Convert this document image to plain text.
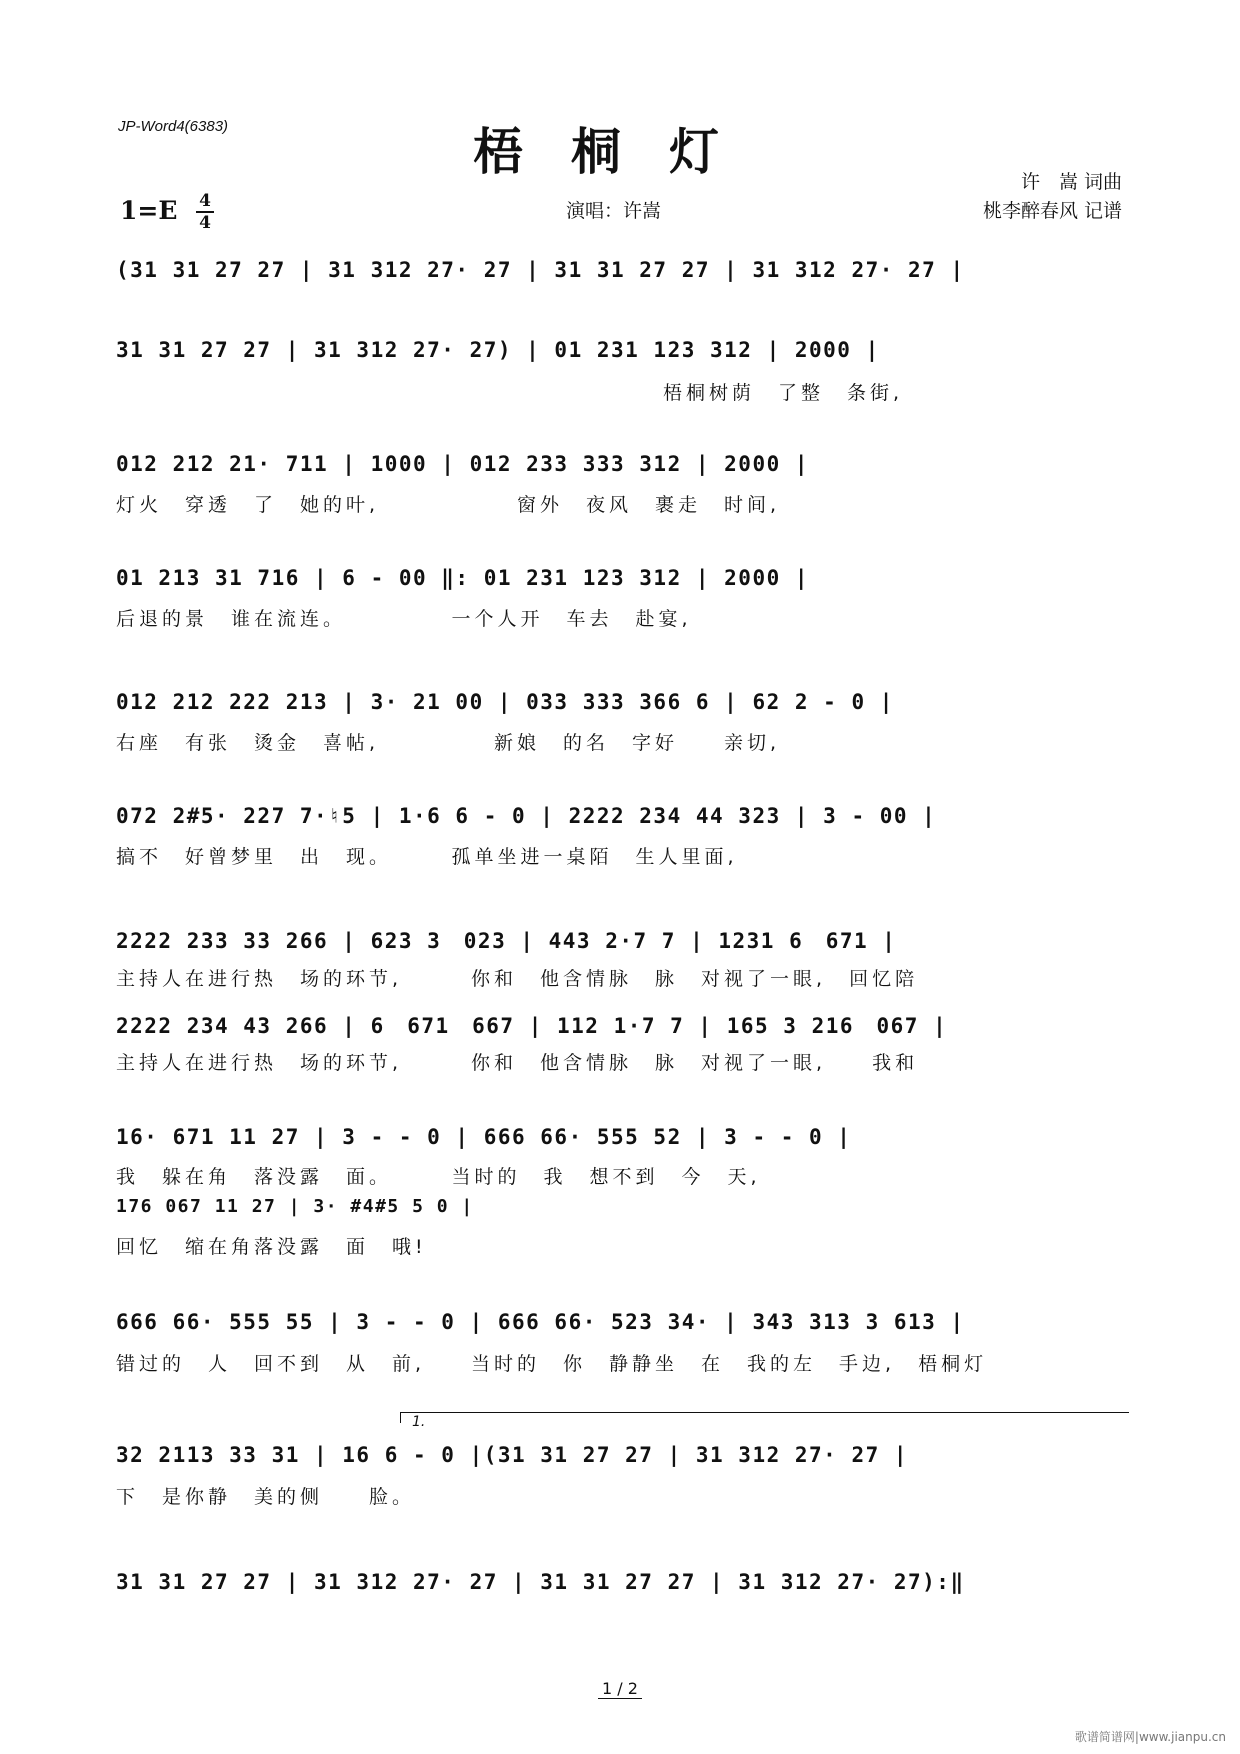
JP-Word4(6383)	梧桐灯
1=E	4
4
演唱：许嵩
许　嵩 词曲
桃李醉春风 记谱
(31 31 27 27 | 31 312 27· 27 | 31 31 27 27 | 31 312 27· 27 |
31 31 27 27 | 31 312 27· 27) | 01 231 123 312 | 2000 |
梧桐树荫　了整　条街,
012 212 21· 711 | 1000 | 012 233 333 312 | 2000 |
灯火　穿透　了　她的叶,　　　　　　窗外　夜风　裹走　时间,
01 213 31 716 | 6 - 00 ‖: 01 231 123 312 | 2000 |
后退的景　谁在流连。　　　　　一个人开　车去　赴宴,
012 212 222 213 | 3· 21 00 | 033 333 366 6 | 62 2 - 0 |
右座　有张　烫金　喜帖,　　　　　新娘　的名　字好　　亲切,
072 2#5· 227 7·♮5 | 1·6 6 - 0 | 2222 234 44 323 | 3 - 00 |
搞不　好曾梦里　出　现。　　　孤单坐进一桌陌　生人里面,
2222 233 33 266 | 623 3　023 | 443 2·7 7 | 1231 6　671 |
主持人在进行热　场的环节,　　　你和　他含情脉　脉　对视了一眼,　回忆陪
2222 234 43 266 | 6　671　667 | 112 1·7 7 | 165 3 216　067 |
主持人在进行热　场的环节,　　　你和　他含情脉　脉　对视了一眼,　　我和
16· 671 11 27 | 3 - - 0 | 666 66· 555 52 | 3 - - 0 |
我　躲在角　落没露　面。　　　当时的　我　想不到　今　天,
176 067 11 27 | 3· #4#5 5 0 |
回忆　缩在角落没露　面　哦!
666 66· 555 55 | 3 - - 0 | 666 66· 523 34· | 343 313 3 613 |
错过的　人　回不到　从　前,　　当时的　你　静静坐　在　我的左　手边,　梧桐灯
1.
32 2113 33 31 | 16 6 - 0 |(31 31 27 27 | 31 312 27· 27 |
下　是你静　美的侧　　脸。
31 31 27 27 | 31 312 27· 27 | 31 31 27 27 | 31 312 27· 27):‖
1 / 2
歌谱简谱网|www.jianpu.cn
